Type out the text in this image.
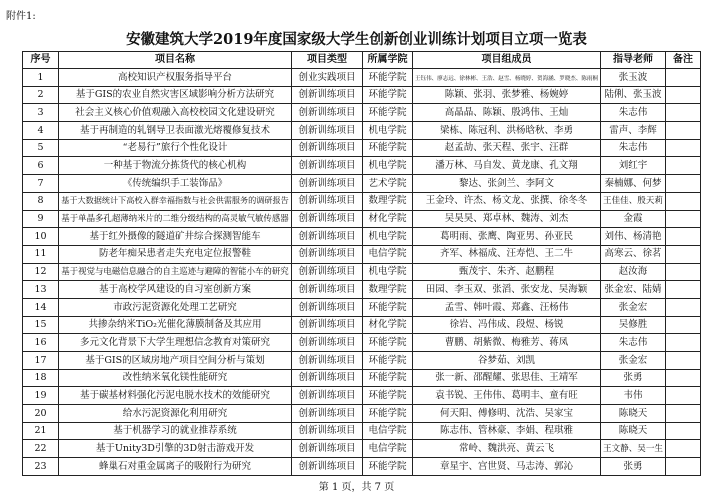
附件1:
安徽建筑大学2019年度国家级大学生创新创业训练计划项目立项一览表
序号	项目名称	项目类型	所属学院	项目组成员	指导老师	备注
1	高校知识产权服务指导平台	创业实践项目	环能学院	王钰伟、廖志远、徐林彬、王浩、赵雪、杨晓婷、贺海涵、罗晓杰、陈雨桐	张玉波	
2	基于GIS的农业自然灾害区域影响分析方法研究	创新训练项目	环能学院	陈颖、张羽、张梦雅、杨婉婷	陆俐、张玉波	
3	社会主义核心价值观融入高校校园文化建设研究	创新训练项目	环能学院	高晶晶、陈颖、殷鸿伟、王灿	朱志伟	
4	基于再制造的轧钢导卫表面激光熔覆修复技术	创新训练项目	机电学院	梁栋、陈冠利、洪杨晗秋、李勇	雷声、李辉	
5	“老易行”旅行个性化设计	创新训练项目	环能学院	赵孟劼、张天程、张宇、汪群	朱志伟	
6	一种基于物流分拣货代的核心机构	创新训练项目	机电学院	潘万林、马自发、黄龙康、孔文翔	刘红宇	
7	《传统编织手工装饰品》	创新训练项目	艺术学院	黎达、张剑兰、李阿文	秦楠娜、何梦	
8	基于大数据统计下高校入群幸福指数与社会供需服务的调研报告	创新训练项目	数理学院	王金玲、许杰、杨文龙、张撰、徐冬冬	王佳佳、殷天莉	
9	基于单晶多孔超薄纳米片的二维分级结构的高灵敏气敏传感器	创新训练项目	材化学院	吴昊昊、郑卓林、魏涛、刘杰	金霞	
10	基于红外摄像的隧道矿井综合探测智能车	创新训练项目	机电学院	葛明雨、张鹰、陶亚男、孙亚民	刘伟、杨清艳	
11	防老年痴呆患者走失充电定位报警鞋	创新训练项目	电信学院	齐军、林福成、汪寿恺、王二牛	高寒云、徐茗	
12	基于视觉与电磁信息融合的自主巡迹与避障的智能小车的研究	创新训练项目	机电学院	甄茂宇、朱齐、赵鹏程	赵汝海	
13	基于高校学风建设的自习室创新方案	创新训练项目	数理学院	田园、李玉双、张滔、张安龙、吴海颖	张金宏、陆婧	
14	市政污泥资源化处理工艺研究	创新训练项目	环能学院	孟雪、韩叶霞、郑鑫、汪杨伟	张金宏	
15	共掺杂纳米TiO₂光催化薄膜制备及其应用	创新训练项目	材化学院	徐岩、冯伟成、段煜、杨锐	吴修胜	
16	多元文化背景下大学生理想信念教育对策研究	创新训练项目	环能学院	曹鹏、胡紫微、梅雅芳、蒋凤	朱志伟	
17	基于GIS的区域房地产项目空间分析与策划	创新训练项目	环能学院	谷梦茹、刘凯	张金宏	
18	改性纳米氧化镁性能研究	创新训练项目	环能学院	张一新、邵醒耀、张思佳、王靖军	张勇	
19	基于碳基材料强化污泥电脱水技术的效能研究	创新训练项目	环能学院	袁书锐、王伟伟、葛明丰、童有旺	韦伟	
20	给水污泥资源化利用研究	创新训练项目	环能学院	何天阳、傅修明、沈浩、吴家宝	陈晓天	
21	基于机器学习的就业推荐系统	创新训练项目	电信学院	陈志伟、管林豪、李娟、程琪雅	陈晓天	
22	基于Unity3D引擎的3D射击游戏开发	创新训练项目	电信学院	常岭、魏洪亮、黄云飞	王文静、吴一生	
23	蜂巢石对重金属离子的吸附行为研究	创新训练项目	环能学院	章星宇、宫世贤、马志涛、郭沁	张勇	
第 1 页，共 7 页
